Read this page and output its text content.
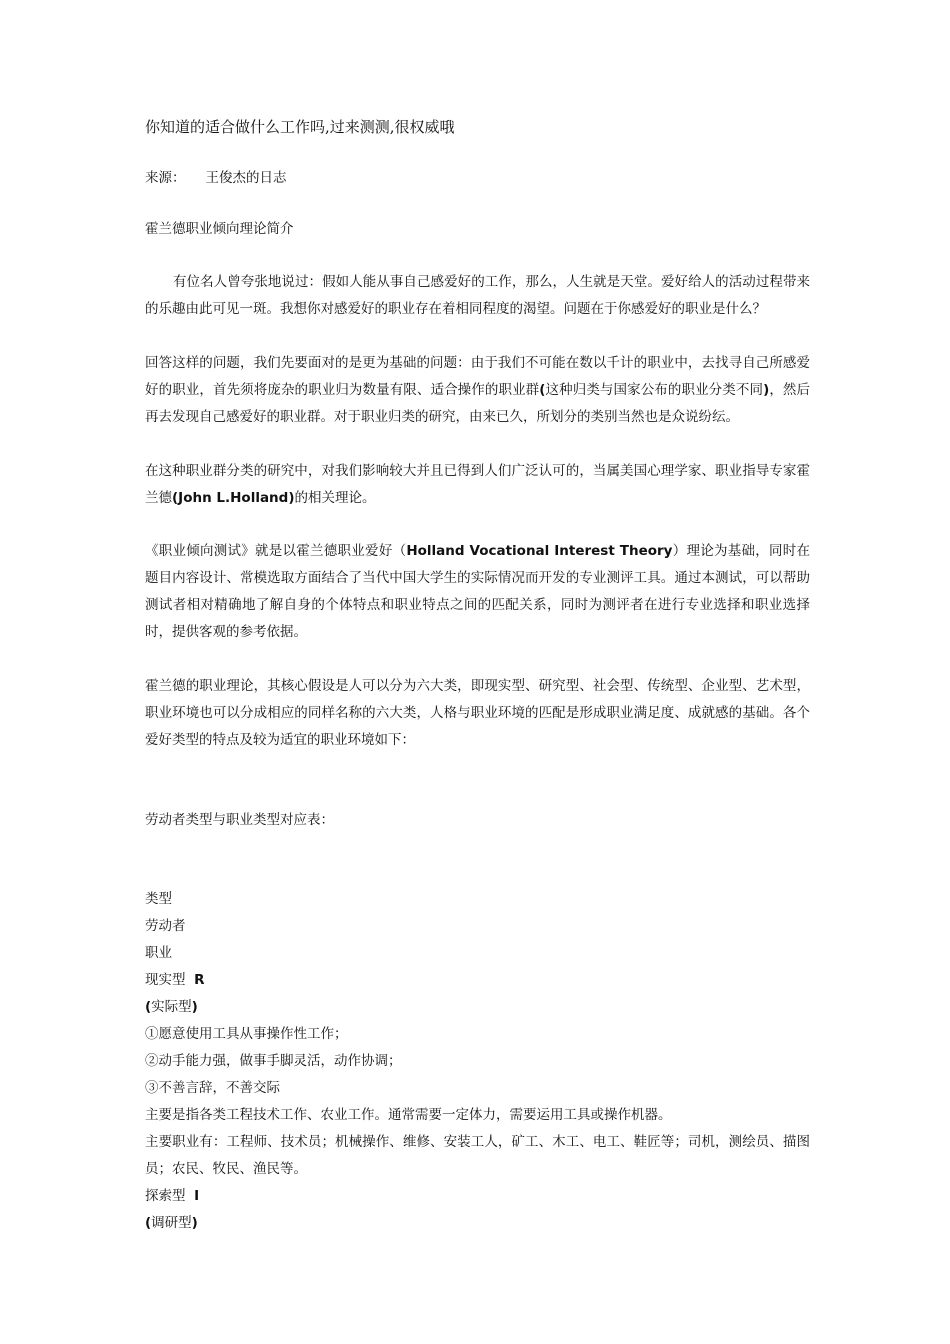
你知道的适合做什么工作吗,过来测测,很权威哦

来源： 王俊杰的日志

霍兰德职业倾向理论简介

有位名人曾夸张地说过：假如人能从事自己感爱好的工作，那么，人生就是天堂。爱好给人的活动过程带来的乐趣由此可见一斑。我想你对感爱好的职业存在着相同程度的渴望。问题在于你感爱好的职业是什么？

回答这样的问题，我们先要面对的是更为基础的问题：由于我们不可能在数以千计的职业中，去找寻自己所感爱好的职业，首先须将庞杂的职业归为数量有限、适合操作的职业群(这种归类与国家公布的职业分类不同)，然后再去发现自己感爱好的职业群。对于职业归类的研究，由来已久，所划分的类别当然也是众说纷纭。

在这种职业群分类的研究中，对我们影响较大并且已得到人们广泛认可的，当属美国心理学家、职业指导专家霍兰德(John L.Holland)的相关理论。

《职业倾向测试》就是以霍兰德职业爱好（Holland Vocational Interest Theory）理论为基础，同时在题目内容设计、常模选取方面结合了当代中国大学生的实际情况而开发的专业测评工具。通过本测试，可以帮助测试者相对精确地了解自身的个体特点和职业特点之间的匹配关系，同时为测评者在进行专业选择和职业选择时，提供客观的参考依据。

霍兰德的职业理论，其核心假设是人可以分为六大类，即现实型、研究型、社会型、传统型、企业型、艺术型，职业环境也可以分成相应的同样名称的六大类，人格与职业环境的匹配是形成职业满足度、成就感的基础。各个爱好类型的特点及较为适宜的职业环境如下：

劳动者类型与职业类型对应表：

类型

劳动者

职业

现实型 R

(实际型)

①愿意使用工具从事操作性工作；

②动手能力强，做事手脚灵活，动作协调；

③不善言辞，不善交际

主要是指各类工程技术工作、农业工作。通常需要一定体力，需要运用工具或操作机器。

主要职业有：工程师、技术员；机械操作、维修、安装工人，矿工、木工、电工、鞋匠等；司机，测绘员、描图员；农民、牧民、渔民等。

探索型 I

(调研型)
